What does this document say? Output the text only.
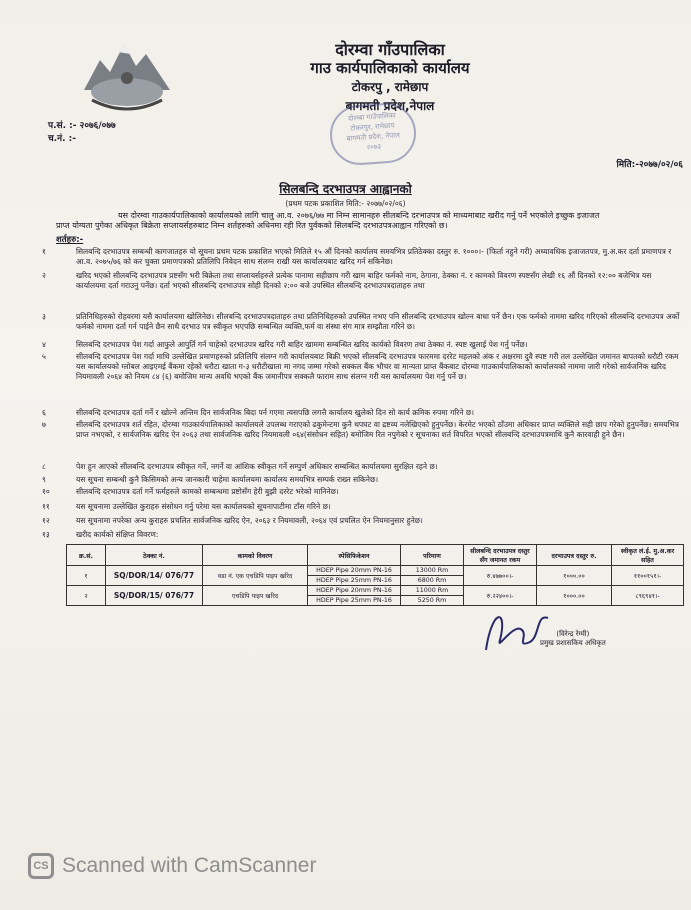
दोरम्वा गाँउपालिका
गाउ कार्यपालिकाको कार्यालय
टोकरपु , रामेछाप
बागमती प्रदेश,नेपाल
दोरम्बा गाउँपालिका
टोकरपुर, रामेछाप
बागमती प्रदेश, नेपाल
२०७३
प.सं. :- २०७६/०७७
च.नं. :-
मिति:-२०७७/०२/०६
सिलबन्दि दरभाउपत्र आह्वानको
(प्रथम पटक प्रकाशित मिति:- २०७७/०२/०६)
यस दोरम्वा गाउकार्यपालिकाको कार्यालयको लागि चालु आ.व. २०७६/७७ मा निम्न सामानहरु सीलबन्दि दरभाउपत्र को माध्यमाबाट खरीद गर्नु पर्ने भएकोले इच्छुक इजाजत
प्राप्त योग्यता पुगेका अधिकृत बिक्रेता सप्लायर्सहरुबाट निम्न शर्तहरुको अधिनमा रही रित पुर्वकको सिलबन्दि दरभाउपत्रआह्वान गरिएको छ।
शर्तहरु:-
१	सिलबन्दि दरभाउपत्र सम्बन्धी कागजातहरु यो सूचना प्रथम पटक प्रकाशित भएको मितिले १५ औं दिनको कार्यालय समयभित्र प्रतिठेक्का दस्तुर रु. १०००।- (फिर्ता नहुने गरी) अध्यावधिक इजाजतपत्र, मु.अ.कर दर्ता प्रमाणपत्र र आ.व. २०७५/७६ को कर चुक्ता प्रमाणपत्रको प्रतिलिपि निवेदन साथ संलग्न राखी यस कार्यालयबाट खरिद गर्न सकिनेछ।
२	खरिद भएको सीलबन्दि दरभाउपत्र प्रष्टसँग भरी बिक्रेता तथा सप्लायर्सहरुले प्रत्येक पानामा सहीछाप गरी खाम बाहिर फर्मको नाम, ठेगाना, ठेक्का नं. र कामको विवरण स्पष्टसँग लेखी १६ औं दिनको १२:०० बजेभित्र यस कार्यालयमा दर्ता गराउनु पर्नेछ। दर्ता भएको सीलबन्दि दरभाउपत्र सोही दिनको २:०० बजे उपस्थित सीलबन्दि दरभाउपत्रदाताहरु तथा
३	प्रतिनिधिहरुको रोहवरमा यसै कार्यालयमा खोलिनेछ। सीलबन्दि दरभाउपत्रदाताहरु तथा प्रतिनिधिहरुको उपस्थित नभए पनि सीलबन्दि दरभाउपत्र खोल्न बाधा पर्ने छैन। एक फर्मको नाममा खरिद गरिएको सीलबन्दि दरभाउपत्र अर्को फर्मको नाममा दर्ता गर्न पाईने छैन साथै दरभाउ पत्र स्वीकृत भएपछि सम्बन्धित व्यक्ति,फर्म वा संस्था संग मात्र सम्झौता गरिने छ।
४	सिलबन्दि दरभाउपत्र पेश गर्दा आफुले आपुर्ति गर्न चाहेको दरभाउपत्र खरिद गरी बाहिर खाममा सम्बन्धित खरिद कार्यको विवरण तथा ठेक्का नं. स्पष्ट खुलाई पेश गर्नु पर्नेछ।
५	सीलबन्दि दरभाउपत्र पेश गर्दा माथि उल्लेखित प्रमाणहरुको प्रतिलिपि संलग्न गरी कार्यालयबाट बिक्री भएको सीलबन्दि दरभाउपत्र फारममा दररेट महलको अंक र अक्षरमा दुवै स्पष्ट गरी तल उल्लेखित जमानत बापतको धरौटी रकम यस कार्यालयको ग्लोबल आइएमई बैंकमा रहेको धरौटा खाता ग-३ धरौटीखाता मा नगद जम्मा गरेको सक्कल बैंक भौचर वा मान्यता प्राप्त बैंकबाट दोरम्वा गाउकार्यपालिकाको कार्यालयको नाममा जारी गरेको सार्वजनिक खरिद नियमावली २०६४ को नियम ८४ (६) बमोजिम मान्य अवधि भएको बैंक जमानीपत्र सक्कलै फाराम साथ संलग्न गरी यस कार्यालयमा पेश गर्नु पर्ने छ।
६	सीलबन्दि दरभाउपत्र दर्ता गर्ने र खोल्ने अन्तिम दिन सार्वजनिक बिदा पर्न गएमा त्यसपछि लगत्तै कार्यालय खुलेको दिन सो कार्य क्रमिक रुपमा गरिने छ।
७	सीलबन्दि दरभाउपत्र शर्त रहित, दोरम्वा गाउकार्यपालिकाको कार्यालयले उपलब्ध गराएको ढकुमेन्टमा कुनै थपघट वा द्रष्टव्य नलेखिएको हुनुपर्नेछ। केरमेट भएको ठाँउमा अधिकार प्राप्त व्यक्तिले सही छाप गरेको हुनुपर्नेछ। समयभित्र प्राप्त नभएको, र सार्वजनिक खरिद ऐन २०६३ तथा सार्वजनिक खरिद नियमावली ०६४(संसोधन सहित) बमोजिम रित नपुगेको र सूचनाका शर्त विपरित भएको सीलबन्दि दरभाउपत्रमाथि कुनै कारवाही हुने छैन।
८	पेश हुन आएको सीलबन्दि दरभाउपत्र स्वीकृत गर्ने, नगर्ने वा आंशिक स्वीकृत गर्ने सम्पुर्ण अधिकार सम्बन्धित कार्यालयमा सुरक्षित रहने छ।
९	यस सूचना सम्बन्धी कुनै किसिमको अन्य जानकारी चाहेमा कार्यालयमा कार्यालय समयभित्र सम्पर्क राख्न सकिनेछ।
१०	सीलबन्दि दरभाउपत्र दर्ता गर्ने फर्महरुले कामको सम्बन्धमा प्रष्टोसँग हेरी बुझी दररेट भरेको मानिनेछ।
११	यस सूचनामा उल्लेखित कुराहरु संसोधन गर्नु परेमा यस कार्यालयको सूचनापाटीमा टाँस गरिने छ।
१२	यस सूचनामा नपरेका अन्य कुराहरु प्रचलित सार्वजनिक खरिद ऐन, २०६३ र नियमावली, २०६४ एवं प्रचलित ऐन नियमानुसार हुनेछ।
१३	खरीद कार्यको संक्षिप्त विवरण:
क्र.सं.	ठेक्का नं.	कामको विवरण	स्पेसिफिकेशन	परिमाण	सीलबन्दि दरभाउपत्र दस्तुर सँग जमानत रकम	दरभाउपत्र दस्तुर रु.	स्वीकृत लं.ई. मु.अ.कर सहित
१	SQ/DOR/14/ 076/77	वडा नं. एक एचडिपि पाइप खरिद	HDEP Pipe 20mm PN-16	13000 Rm	रु.४७७००।-	१०००.००	११००१५१।-
			HDEP Pipe 25mm PN-16	6800 Rm			
२	SQ/DOR/15/ 076/77	एचडिपि पाइप खरिद	HDEP Pipe 20mm PN-16	11000 Rm	रु.२२४००।-	१०००.००	८९६९४१।-
			HDEP Pipe 25mm PN-16	5250 Rm			
(विरेन्द्र रेग्मी)
प्रमुख प्रशासकिय अधिकृत
CS Scanned with CamScanner
